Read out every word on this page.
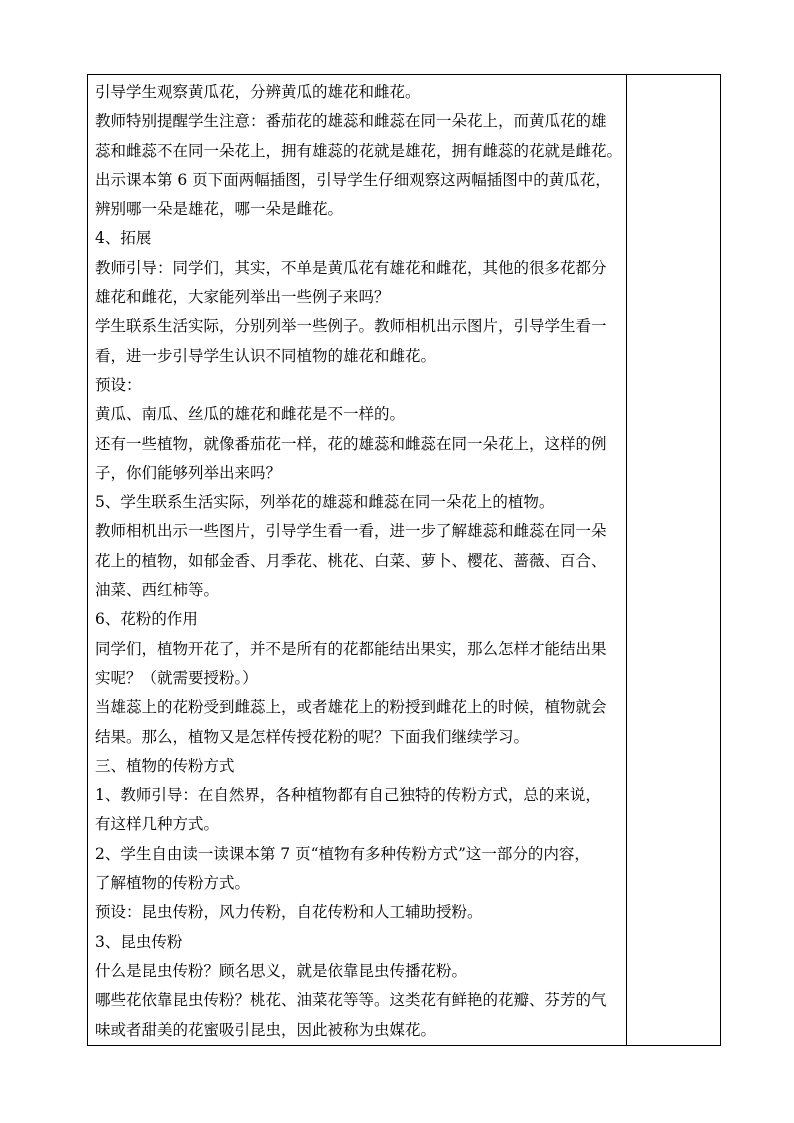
引导学生观察黄瓜花，分辨黄瓜的雄花和雌花。
教师特别提醒学生注意：番茄花的雄蕊和雌蕊在同一朵花上，而黄瓜花的雄
蕊和雌蕊不在同一朵花上，拥有雄蕊的花就是雄花，拥有雌蕊的花就是雌花。
出示课本第 6 页下面两幅插图，引导学生仔细观察这两幅插图中的黄瓜花，
辨别哪一朵是雄花，哪一朵是雌花。
4、拓展
教师引导：同学们，其实，不单是黄瓜花有雄花和雌花，其他的很多花都分
雄花和雌花，大家能列举出一些例子来吗？
学生联系生活实际，分别列举一些例子。教师相机出示图片，引导学生看一
看，进一步引导学生认识不同植物的雄花和雌花。
预设：
黄瓜、南瓜、丝瓜的雄花和雌花是不一样的。
还有一些植物，就像番茄花一样，花的雄蕊和雌蕊在同一朵花上，这样的例
子，你们能够列举出来吗？
5、学生联系生活实际，列举花的雄蕊和雌蕊在同一朵花上的植物。
教师相机出示一些图片，引导学生看一看，进一步了解雄蕊和雌蕊在同一朵
花上的植物，如郁金香、月季花、桃花、白菜、萝卜、樱花、蔷薇、百合、
油菜、西红柿等。
6、花粉的作用
同学们，植物开花了，并不是所有的花都能结出果实，那么怎样才能结出果
实呢？（就需要授粉。）
当雄蕊上的花粉受到雌蕊上，或者雄花上的粉授到雌花上的时候，植物就会
结果。那么，植物又是怎样传授花粉的呢？下面我们继续学习。
三、植物的传粉方式
1、教师引导：在自然界，各种植物都有自己独特的传粉方式，总的来说，
有这样几种方式。
2、学生自由读一读课本第 7 页“植物有多种传粉方式”这一部分的内容，
了解植物的传粉方式。
预设：昆虫传粉，风力传粉，自花传粉和人工辅助授粉。
3、昆虫传粉
什么是昆虫传粉？顾名思义，就是依靠昆虫传播花粉。
哪些花依靠昆虫传粉？桃花、油菜花等等。这类花有鲜艳的花瓣、芬芳的气
味或者甜美的花蜜吸引昆虫，因此被称为虫媒花。
